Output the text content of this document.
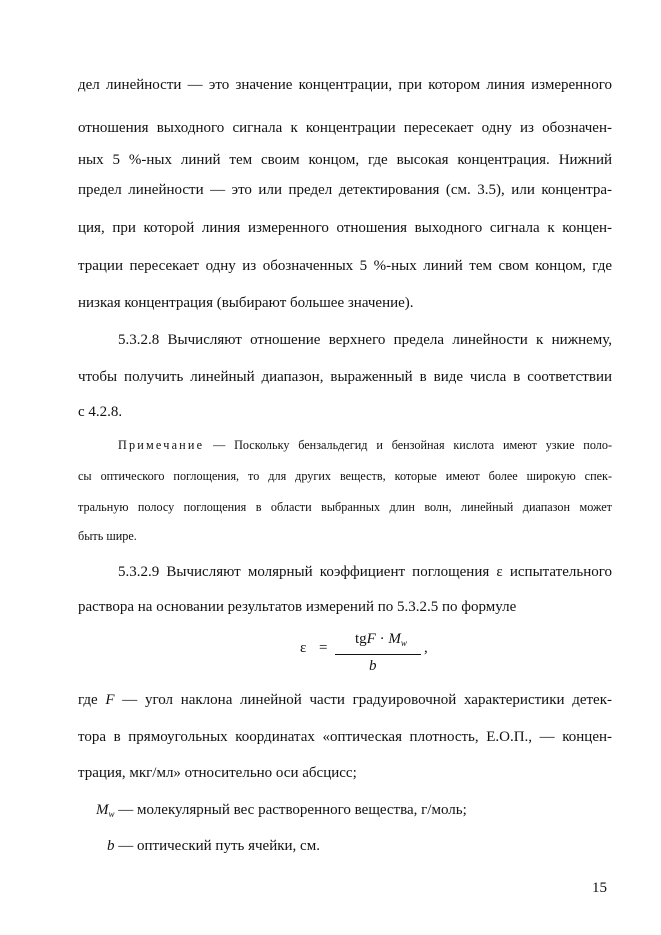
дел линейности — это значение концентрации, при котором линия измеренного
отношения выходного сигнала к концентрации пересекает одну из обозначен-
ных 5 %-ных линий тем своим концом, где высокая концентрация. Нижний
предел линейности — это или предел детектирования (см. 3.5), или концентра-
ция, при которой линия измеренного отношения выходного сигнала к концен-
трации пересекает одну из обозначенных 5 %-ных линий тем свом концом, где
низкая концентрация (выбирают большее значение).
5.3.2.8 Вычисляют отношение верхнего предела линейности к нижнему,
чтобы получить линейный диапазон, выраженный в виде числа в соответствии
с 4.2.8.
Примечание — Поскольку бензальдегид и бензойная кислота имеют узкие поло-
сы оптического поглощения, то для других веществ, которые имеют более широкую спек-
тральную полосу поглощения в области выбранных длин волн, линейный диапазон может
быть шире.
5.3.2.9 Вычисляют молярный коэффициент поглощения ε испытательного
раствора на основании результатов измерений по 5.3.2.5 по формуле
ε =
tgF · $M_w$ ,
b
где F — угол наклона линейной части градуировочной характеристики детек-
тора в прямоугольных координатах «оптическая плотность, Е.О.П., — концен-
трация, мкг/мл» относительно оси абсцисс;
$M_w$ — молекулярный вес растворенного вещества, г/моль;
b — оптический путь ячейки, см.
15
